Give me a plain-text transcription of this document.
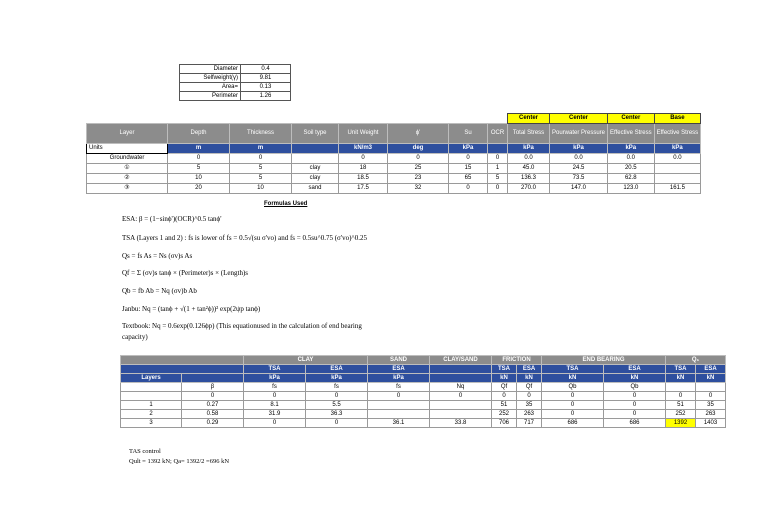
Diameter	0.4
Selfweight(γ)	9.81
Area=	0.13
Perimeter	1.26
								Center	Center	Center	Base
Layer	Depth	Thickness	Soil type	Unit Weight	ϕ'	Su	OCR	Total Stress	Pourwater Pressure	Effective Stress	Effective Stress
Units	m	m		kN/m3	deg	kPa		kPa	kPa	kPa	kPa
Groundwater	0	0		0	0	0	0	0.0	0.0	0.0	0.0
①	5	5	clay	18	25	15	1	45.0	24.5	20.5	
②	10	5	clay	18.5	23	65	5	136.3	73.5	62.8	
③	20	10	sand	17.5	32	0	0	270.0	147.0	123.0	161.5
Formulas Used
ESA: β = (1−sinϕ')(OCR)^0.5 tanϕ'
TSA (Layers 1 and 2) : fs is lower of fs = 0.5√(su σ'vo) and fs = 0.5su^0.75 (σ'vo)^0.25
Qs = fs As = Ns (σv)s As
Qf = Σ (σv)s tanϕ × (Perimeter)s × (Length)s
Qb = fb Ab = Nq (σv)b Ab
Janbu: Nq = (tanϕ + √(1 + tan²ϕ))² exp(2ψp tanϕ)
Textbook: Nq = 0.6exp(0.126ϕp) (This equationused in the calculation of end bearing
capacity)
		CLAY		SAND	CLAY/SAND	FRICTION		END BEARING		Q₁	
		TSA	ESA	ESA		TSA	ESA	TSA	ESA	TSA	ESA
Layers		kPa	kPa	kPa		kN	kN	kN	kN	kN	kN
	β	fs	fs	fs	Nq	Qf	Qf	Qb	Qb		
	0	0	0	0	0	0	0	0	0	0	0
1	0.27	8.1	5.5			51	35	0	0	51	35
2	0.58	31.9	36.3			252	263	0	0	252	263
3	0.29	0	0	36.1	33.8	706	717	686	686	1392	1403
TAS control
Qult = 1392 kN; Qa= 1392/2 =696 kN
